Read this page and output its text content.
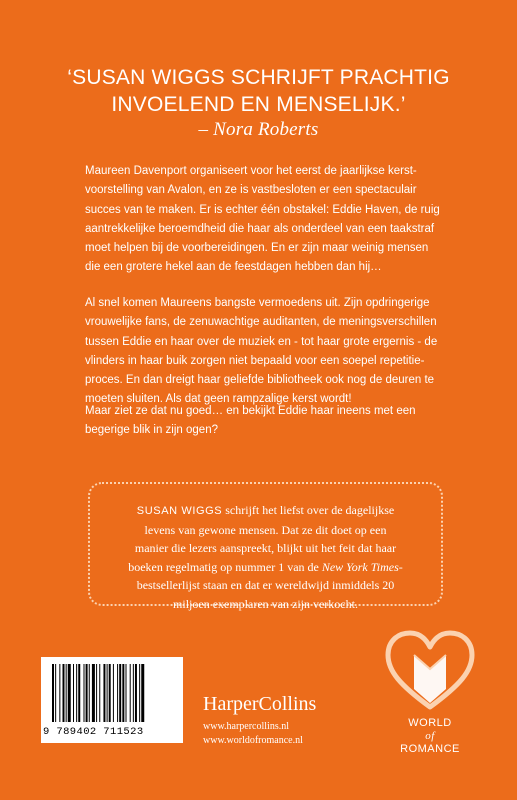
‘SUSAN WIGGS SCHRIJFT PRACHTIG
INVOELEND EN MENSELIJK.’
– Nora Roberts
Maureen Davenport organiseert voor het eerst de jaarlijkse kerst-
voorstelling van Avalon, en ze is vastbesloten er een spectaculair
succes van te maken. Er is echter één obstakel: Eddie Haven, de ruig
aantrekkelijke beroemdheid die haar als onderdeel van een taakstraf
moet helpen bij de voorbereidingen. En er zijn maar weinig mensen
die een grotere hekel aan de feestdagen hebben dan hij…
Al snel komen Maureens bangste vermoedens uit. Zijn opdringerige
vrouwelijke fans, de zenuwachtige auditanten, de meningsverschillen
tussen Eddie en haar over de muziek en - tot haar grote ergernis - de
vlinders in haar buik zorgen niet bepaald voor een soepel repetitie-
proces. En dan dreigt haar geliefde bibliotheek ook nog de deuren te
moeten sluiten. Als dat geen rampzalige kerst wordt!
Maar ziet ze dat nu goed… en bekijkt Eddie haar ineens met een
begerige blik in zijn ogen?
SUSAN WIGGS schrijft het liefst over de dagelijkse
levens van gewone mensen. Dat ze dit doet op een
manier die lezers aanspreekt, blijkt uit het feit dat haar
boeken regelmatig op nummer 1 van de New York Times-
bestsellerlijst staan en dat er wereldwijd inmiddels 20
miljoen exemplaren van zijn verkocht.
9 789402 711523
HarperCollins
www.harpercollins.nl
www.worldofromance.nl
WORLD
of
ROMANCE
